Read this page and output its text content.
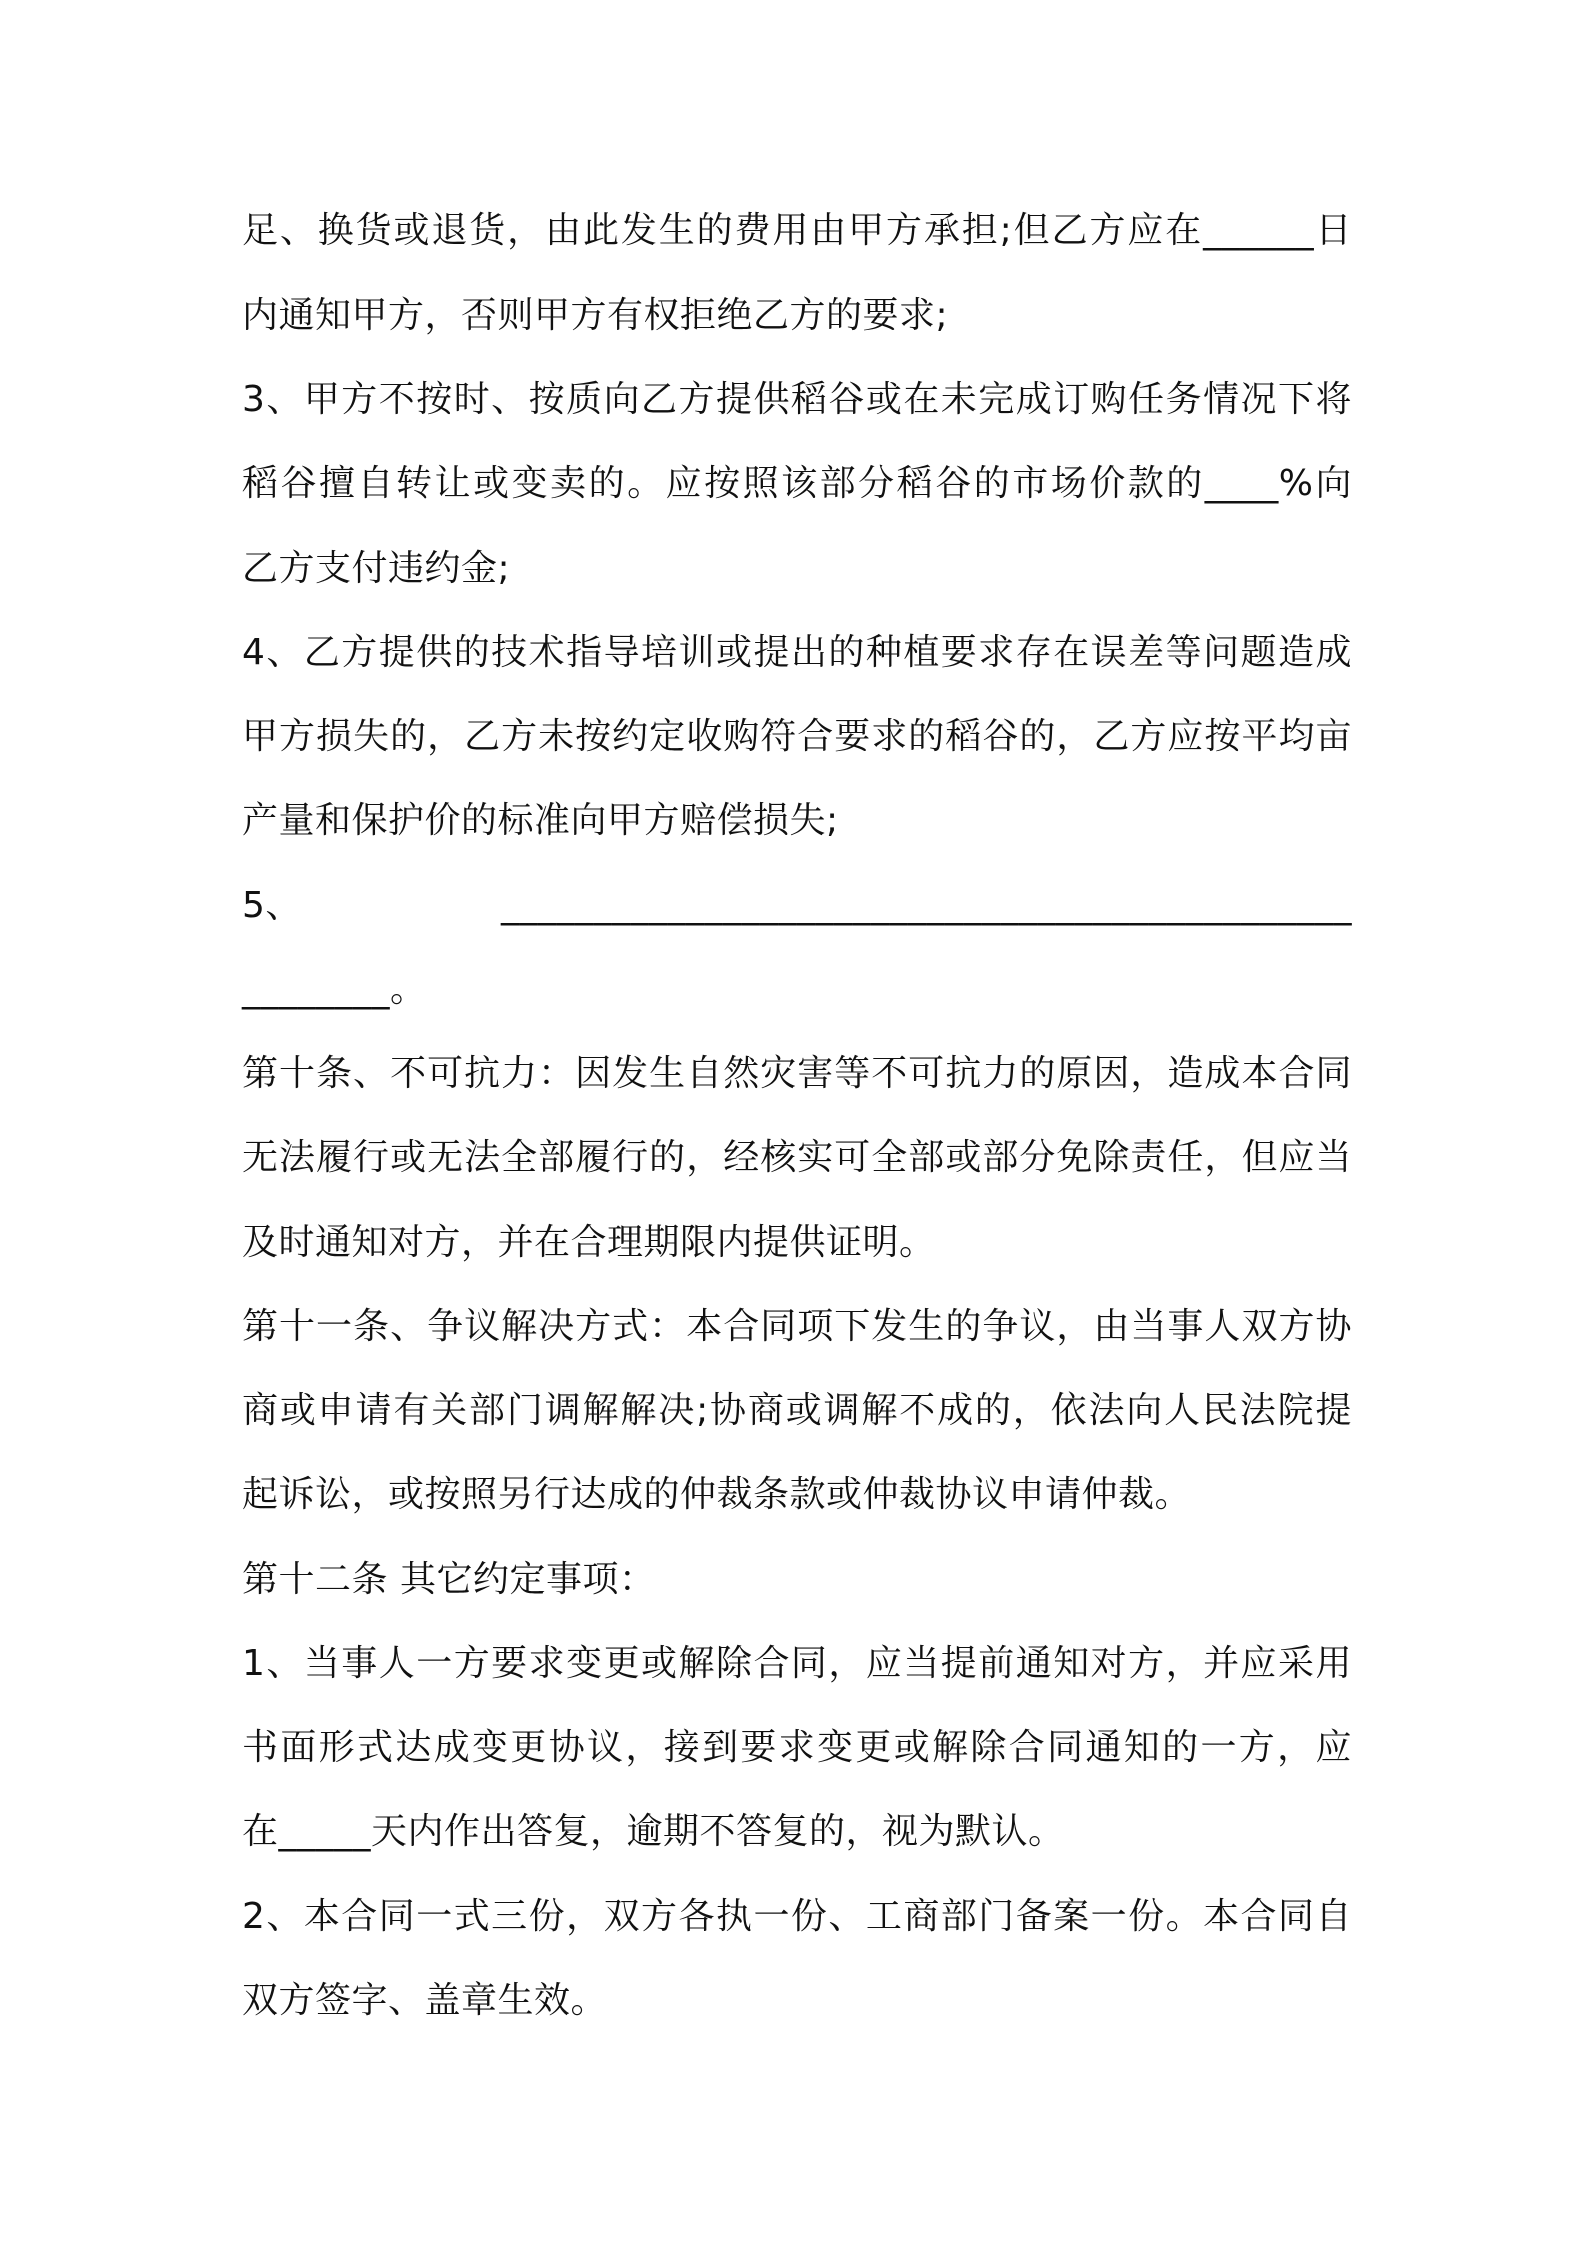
足、换货或退货，由此发生的费用由甲方承担;但乙方应在______日
内通知甲方，否则甲方有权拒绝乙方的要求;
3、甲方不按时、按质向乙方提供稻谷或在未完成订购任务情况下将
稻谷擅自转让或变卖的。应按照该部分稻谷的市场价款的____%向
乙方支付违约金;
4、乙方提供的技术指导培训或提出的种植要求存在误差等问题造成
甲方损失的，乙方未按约定收购符合要求的稻谷的，乙方应按平均亩
产量和保护价的标准向甲方赔偿损失;
5、	______________________________________________
________。
第十条、不可抗力：因发生自然灾害等不可抗力的原因，造成本合同
无法履行或无法全部履行的，经核实可全部或部分免除责任，但应当
及时通知对方，并在合理期限内提供证明。
第十一条、争议解决方式：本合同项下发生的争议，由当事人双方协
商或申请有关部门调解解决;协商或调解不成的，依法向人民法院提
起诉讼，或按照另行达成的仲裁条款或仲裁协议申请仲裁。
第十二条 其它约定事项：
1、当事人一方要求变更或解除合同，应当提前通知对方，并应采用
书面形式达成变更协议，接到要求变更或解除合同通知的一方，应
在_____天内作出答复，逾期不答复的，视为默认。
2、本合同一式三份，双方各执一份、工商部门备案一份。本合同自
双方签字、盖章生效。
